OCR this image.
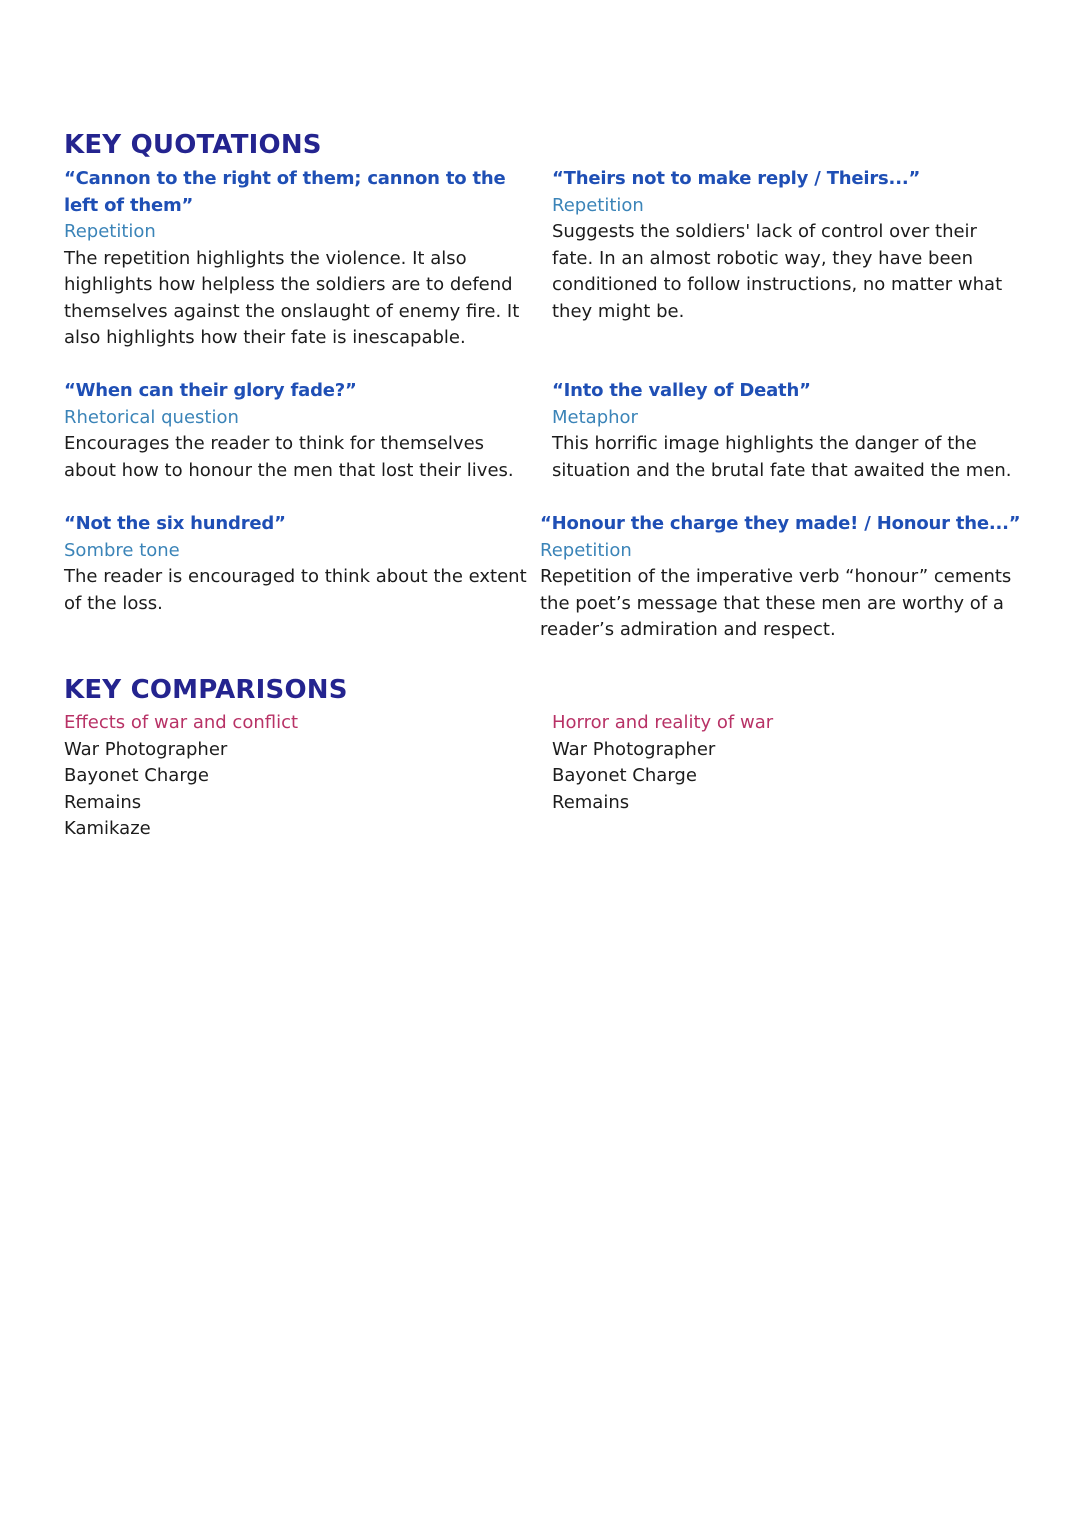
KEY QUOTATIONS
“Cannon to the right of them; cannon to the left of them”
Repetition
The repetition highlights the violence. It also highlights how helpless the soldiers are to defend themselves against the onslaught of enemy fire. It also highlights how their fate is inescapable.
“Theirs not to make reply / Theirs...”
Repetition
Suggests the soldiers' lack of control over their fate. In an almost robotic way, they have been conditioned to follow instructions, no matter what they might be.
“When can their glory fade?”
Rhetorical question
Encourages the reader to think for themselves about how to honour the men that lost their lives.
“Into the valley of Death”
Metaphor
This horrific image highlights the danger of the situation and the brutal fate that awaited the men.
“Not the six hundred”
Sombre tone
The reader is encouraged to think about the extent of the loss.
“Honour the charge they made! / Honour the...”
Repetition
Repetition of the imperative verb “honour” cements the poet’s message that these men are worthy of a reader’s admiration and respect.
KEY COMPARISONS
Effects of war and conflict
War Photographer
Bayonet Charge
Remains
Kamikaze
Horror and reality of war
War Photographer
Bayonet Charge
Remains
